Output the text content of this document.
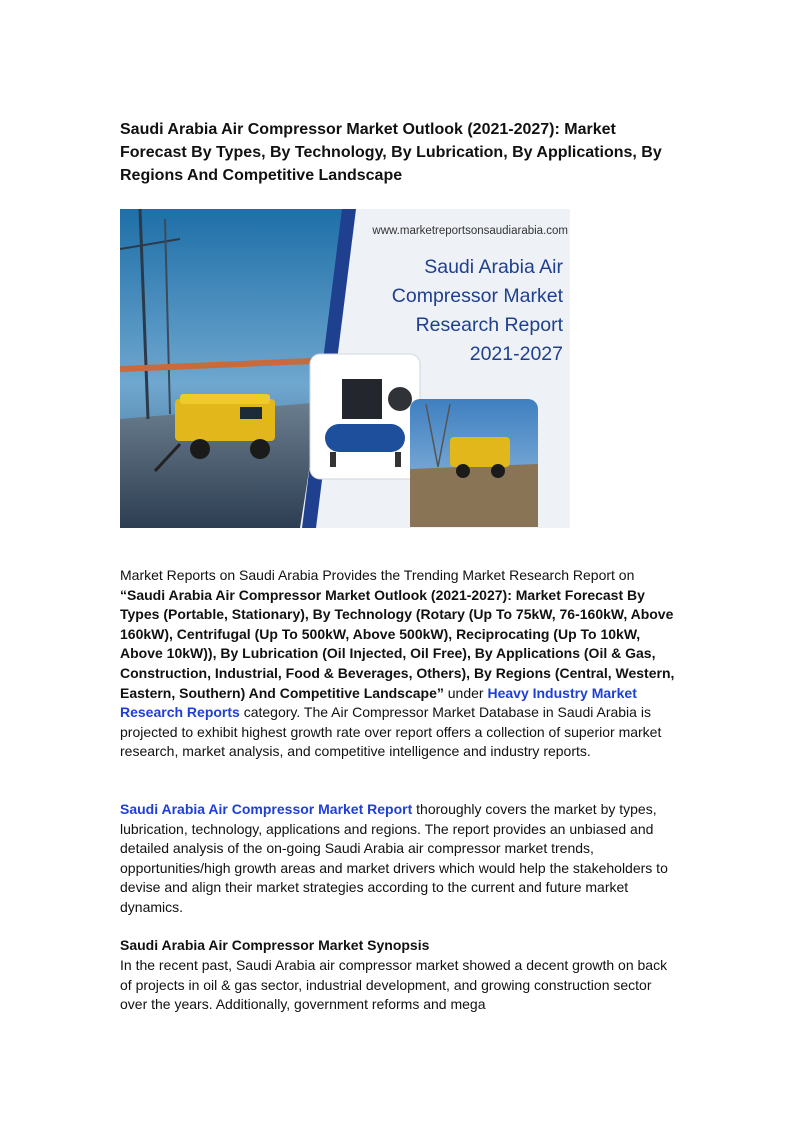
Saudi Arabia Air Compressor Market Outlook (2021-2027): Market Forecast By Types, By Technology, By Lubrication, By Applications, By Regions And Competitive Landscape
www.marketreportsonsaudiarabia.com
Saudi Arabia Air
Compressor Market
Research Report
2021-2027

Market Reports on Saudi Arabia Provides the Trending Market Research Report on “Saudi Arabia Air Compressor Market Outlook (2021-2027): Market Forecast By Types (Portable, Stationary), By Technology (Rotary (Up To 75kW, 76-160kW, Above 160kW), Centrifugal (Up To 500kW, Above 500kW), Reciprocating (Up To 10kW, Above 10kW)), By Lubrication (Oil Injected, Oil Free), By Applications (Oil & Gas, Construction, Industrial, Food & Beverages, Others), By Regions (Central, Western, Eastern, Southern) And Competitive Landscape” under Heavy Industry Market Research Reports category. The Air Compressor Market Database in Saudi Arabia is projected to exhibit highest growth rate over report offers a collection of superior market research, market analysis, and competitive intelligence and industry reports.

Saudi Arabia Air Compressor Market Report thoroughly covers the market by types, lubrication, technology, applications and regions. The report provides an unbiased and detailed analysis of the on-going Saudi Arabia air compressor market trends, opportunities/high growth areas and market drivers which would help the stakeholders to devise and align their market strategies according to the current and future market dynamics.

Saudi Arabia Air Compressor Market Synopsis

In the recent past, Saudi Arabia air compressor market showed a decent growth on back of projects in oil & gas sector, industrial development, and growing construction sector over the years. Additionally, government reforms and mega
